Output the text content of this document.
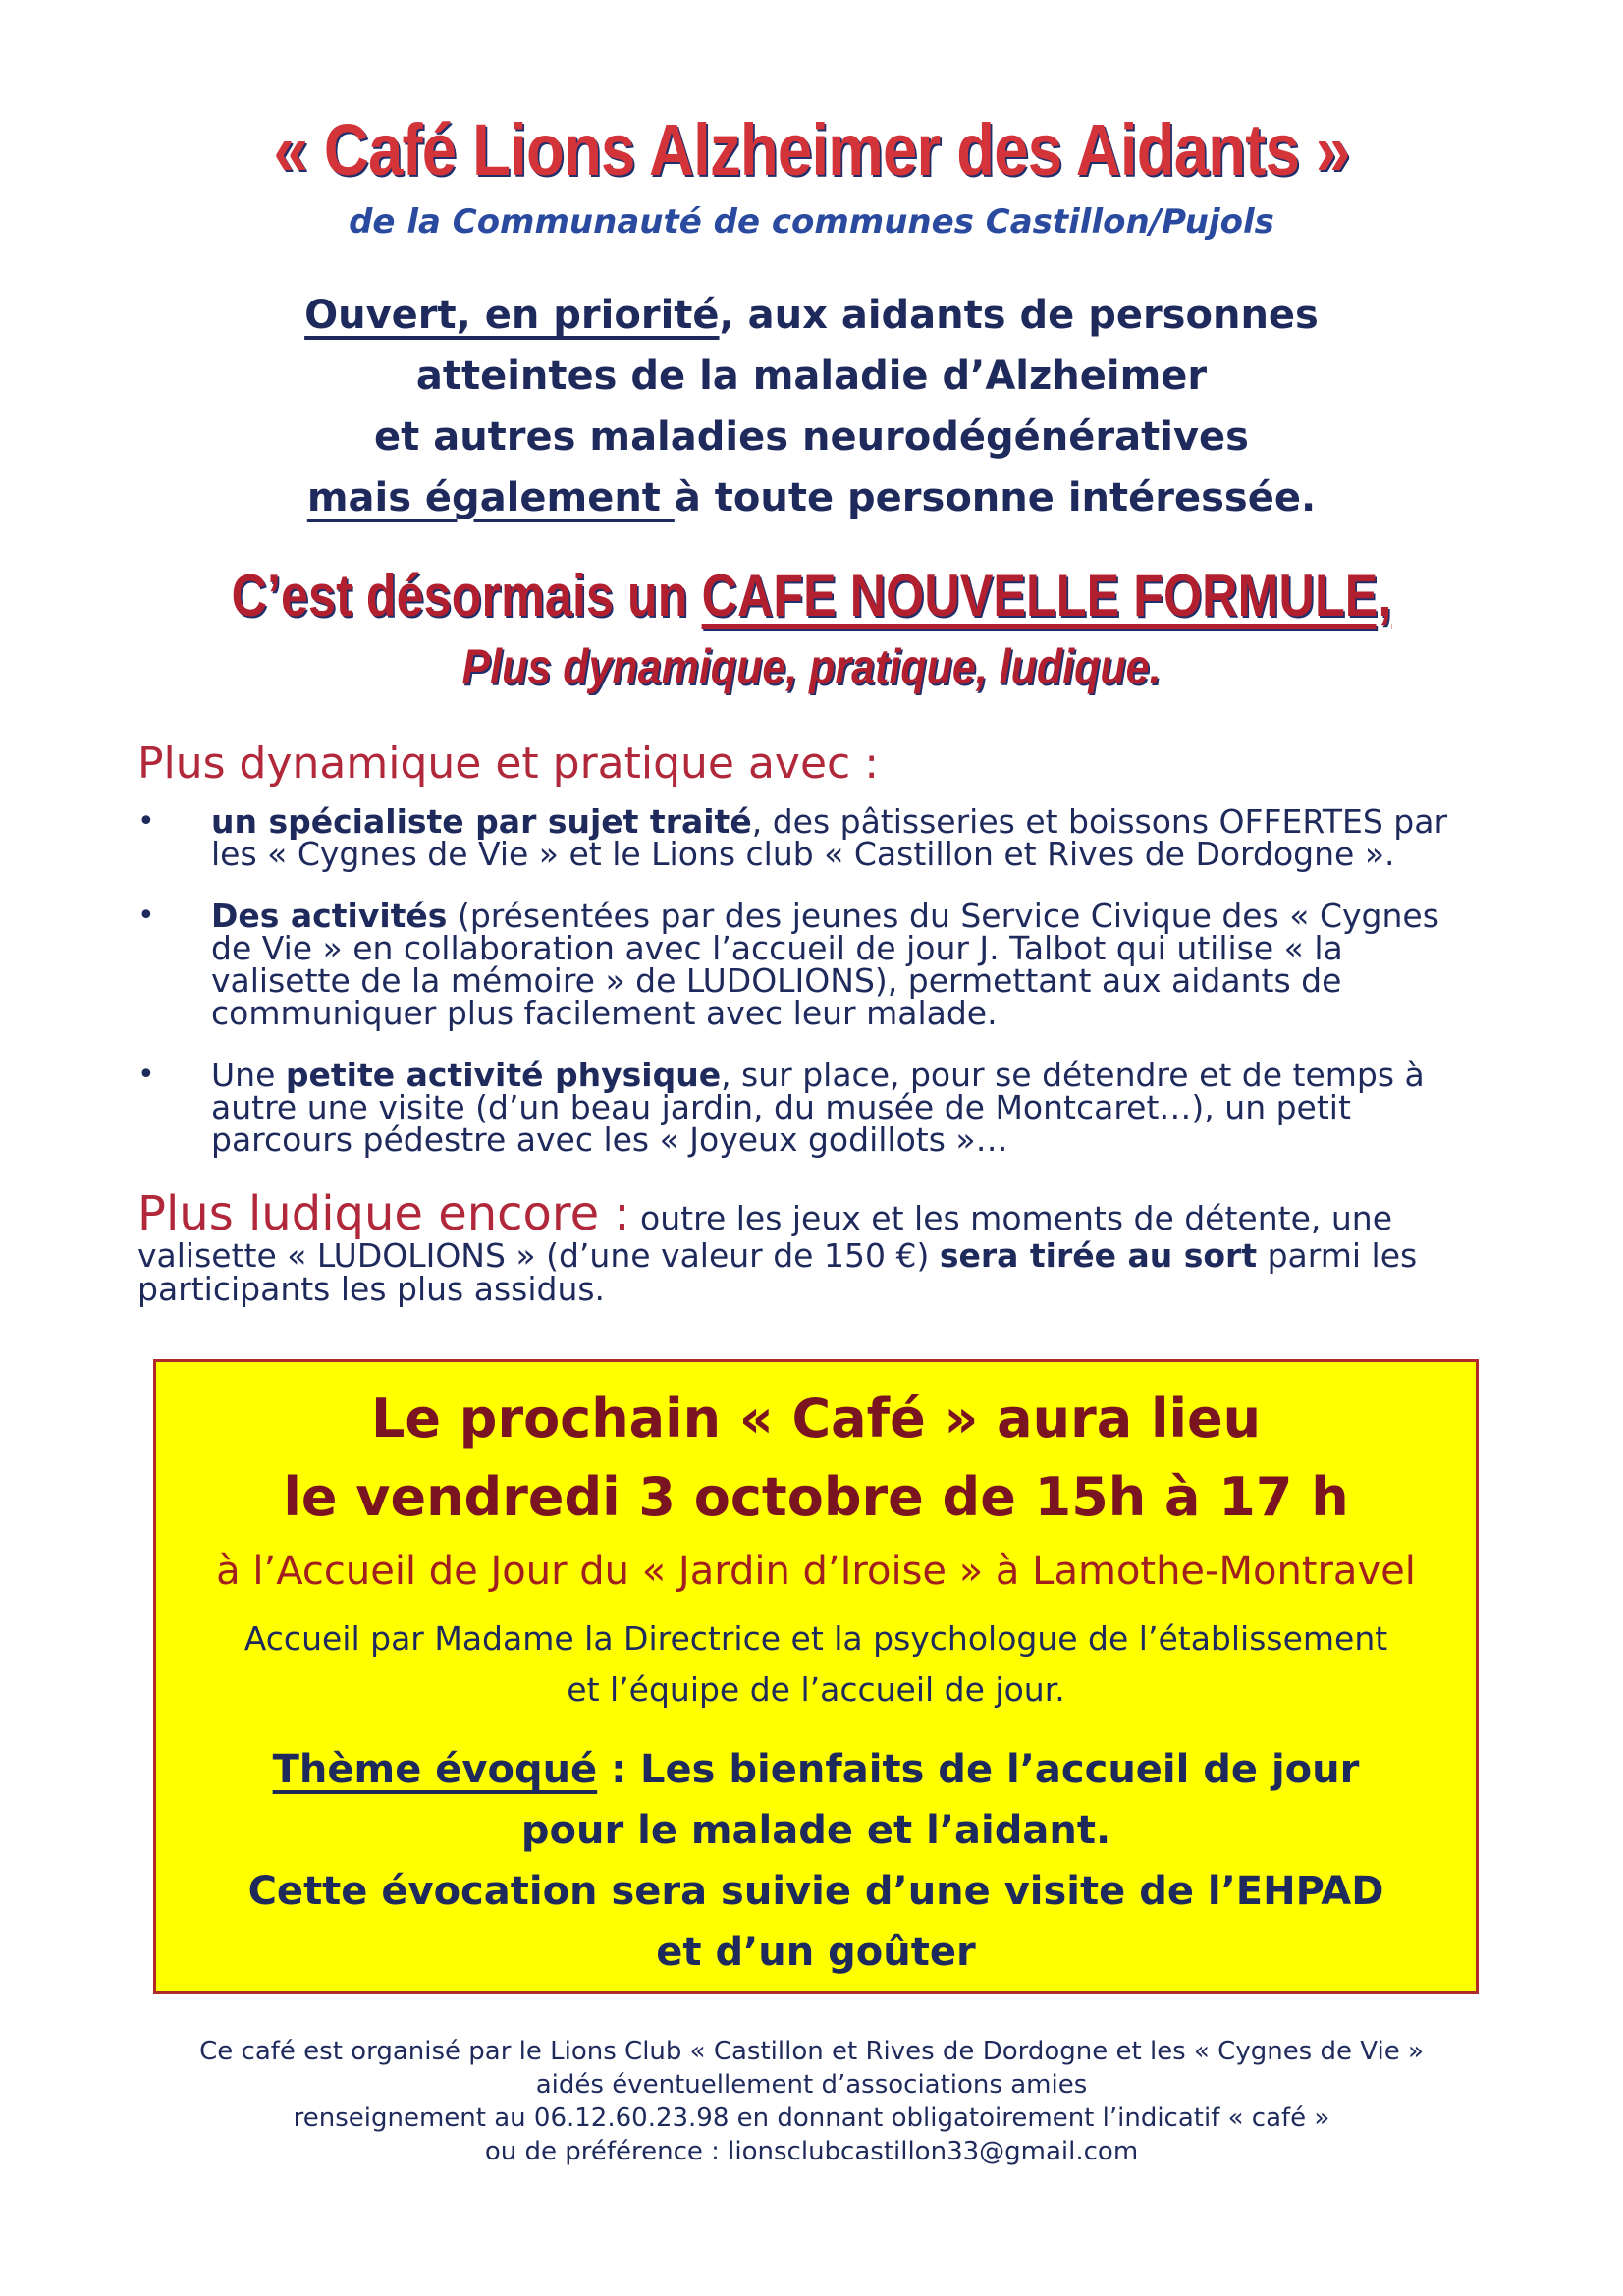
« Café Lions Alzheimer des Aidants »
de la Communauté de communes Castillon/Pujols
Ouvert, en priorité, aux aidants de personnes
atteintes de la maladie d’Alzheimer
et autres maladies neurodégénératives
mais également à toute personne intéressée.
C’est désormais un CAFE NOUVELLE FORMULE,
Plus dynamique, pratique, ludique.
Plus dynamique et pratique avec :
• un spécialiste par sujet traité, des pâtisseries et boissons OFFERTES par les « Cygnes de Vie » et le Lions club « Castillon et Rives de Dordogne ».
• Des activités (présentées par des jeunes du Service Civique des « Cygnes de Vie » en collaboration avec l’accueil de jour J. Talbot qui utilise « la valisette de la mémoire » de LUDOLIONS), permettant aux aidants de communiquer plus facilement avec leur malade.
• Une petite activité physique, sur place, pour se détendre et de temps à autre une visite (d’un beau jardin, du musée de Montcaret…), un petit parcours pédestre avec les « Joyeux godillots »…
Plus ludique encore : outre les jeux et les moments de détente, une valisette « LUDOLIONS » (d’une valeur de 150 €) sera tirée au sort parmi les participants les plus assidus.
Le prochain « Café » aura lieu
le vendredi 3 octobre de 15h à 17 h
à l’Accueil de Jour du « Jardin d’Iroise » à Lamothe-Montravel
Accueil par Madame la Directrice et la psychologue de l’établissement
et l’équipe de l’accueil de jour.
Thème évoqué : Les bienfaits de l’accueil de jour
pour le malade et l’aidant.
Cette évocation sera suivie d’une visite de l’EHPAD
et d’un goûter
Ce café est organisé par le Lions Club « Castillon et Rives de Dordogne et les « Cygnes de Vie »
aidés éventuellement d’associations amies
renseignement au 06.12.60.23.98 en donnant obligatoirement l’indicatif « café »
ou de préférence : lionsclubcastillon33@gmail.com
